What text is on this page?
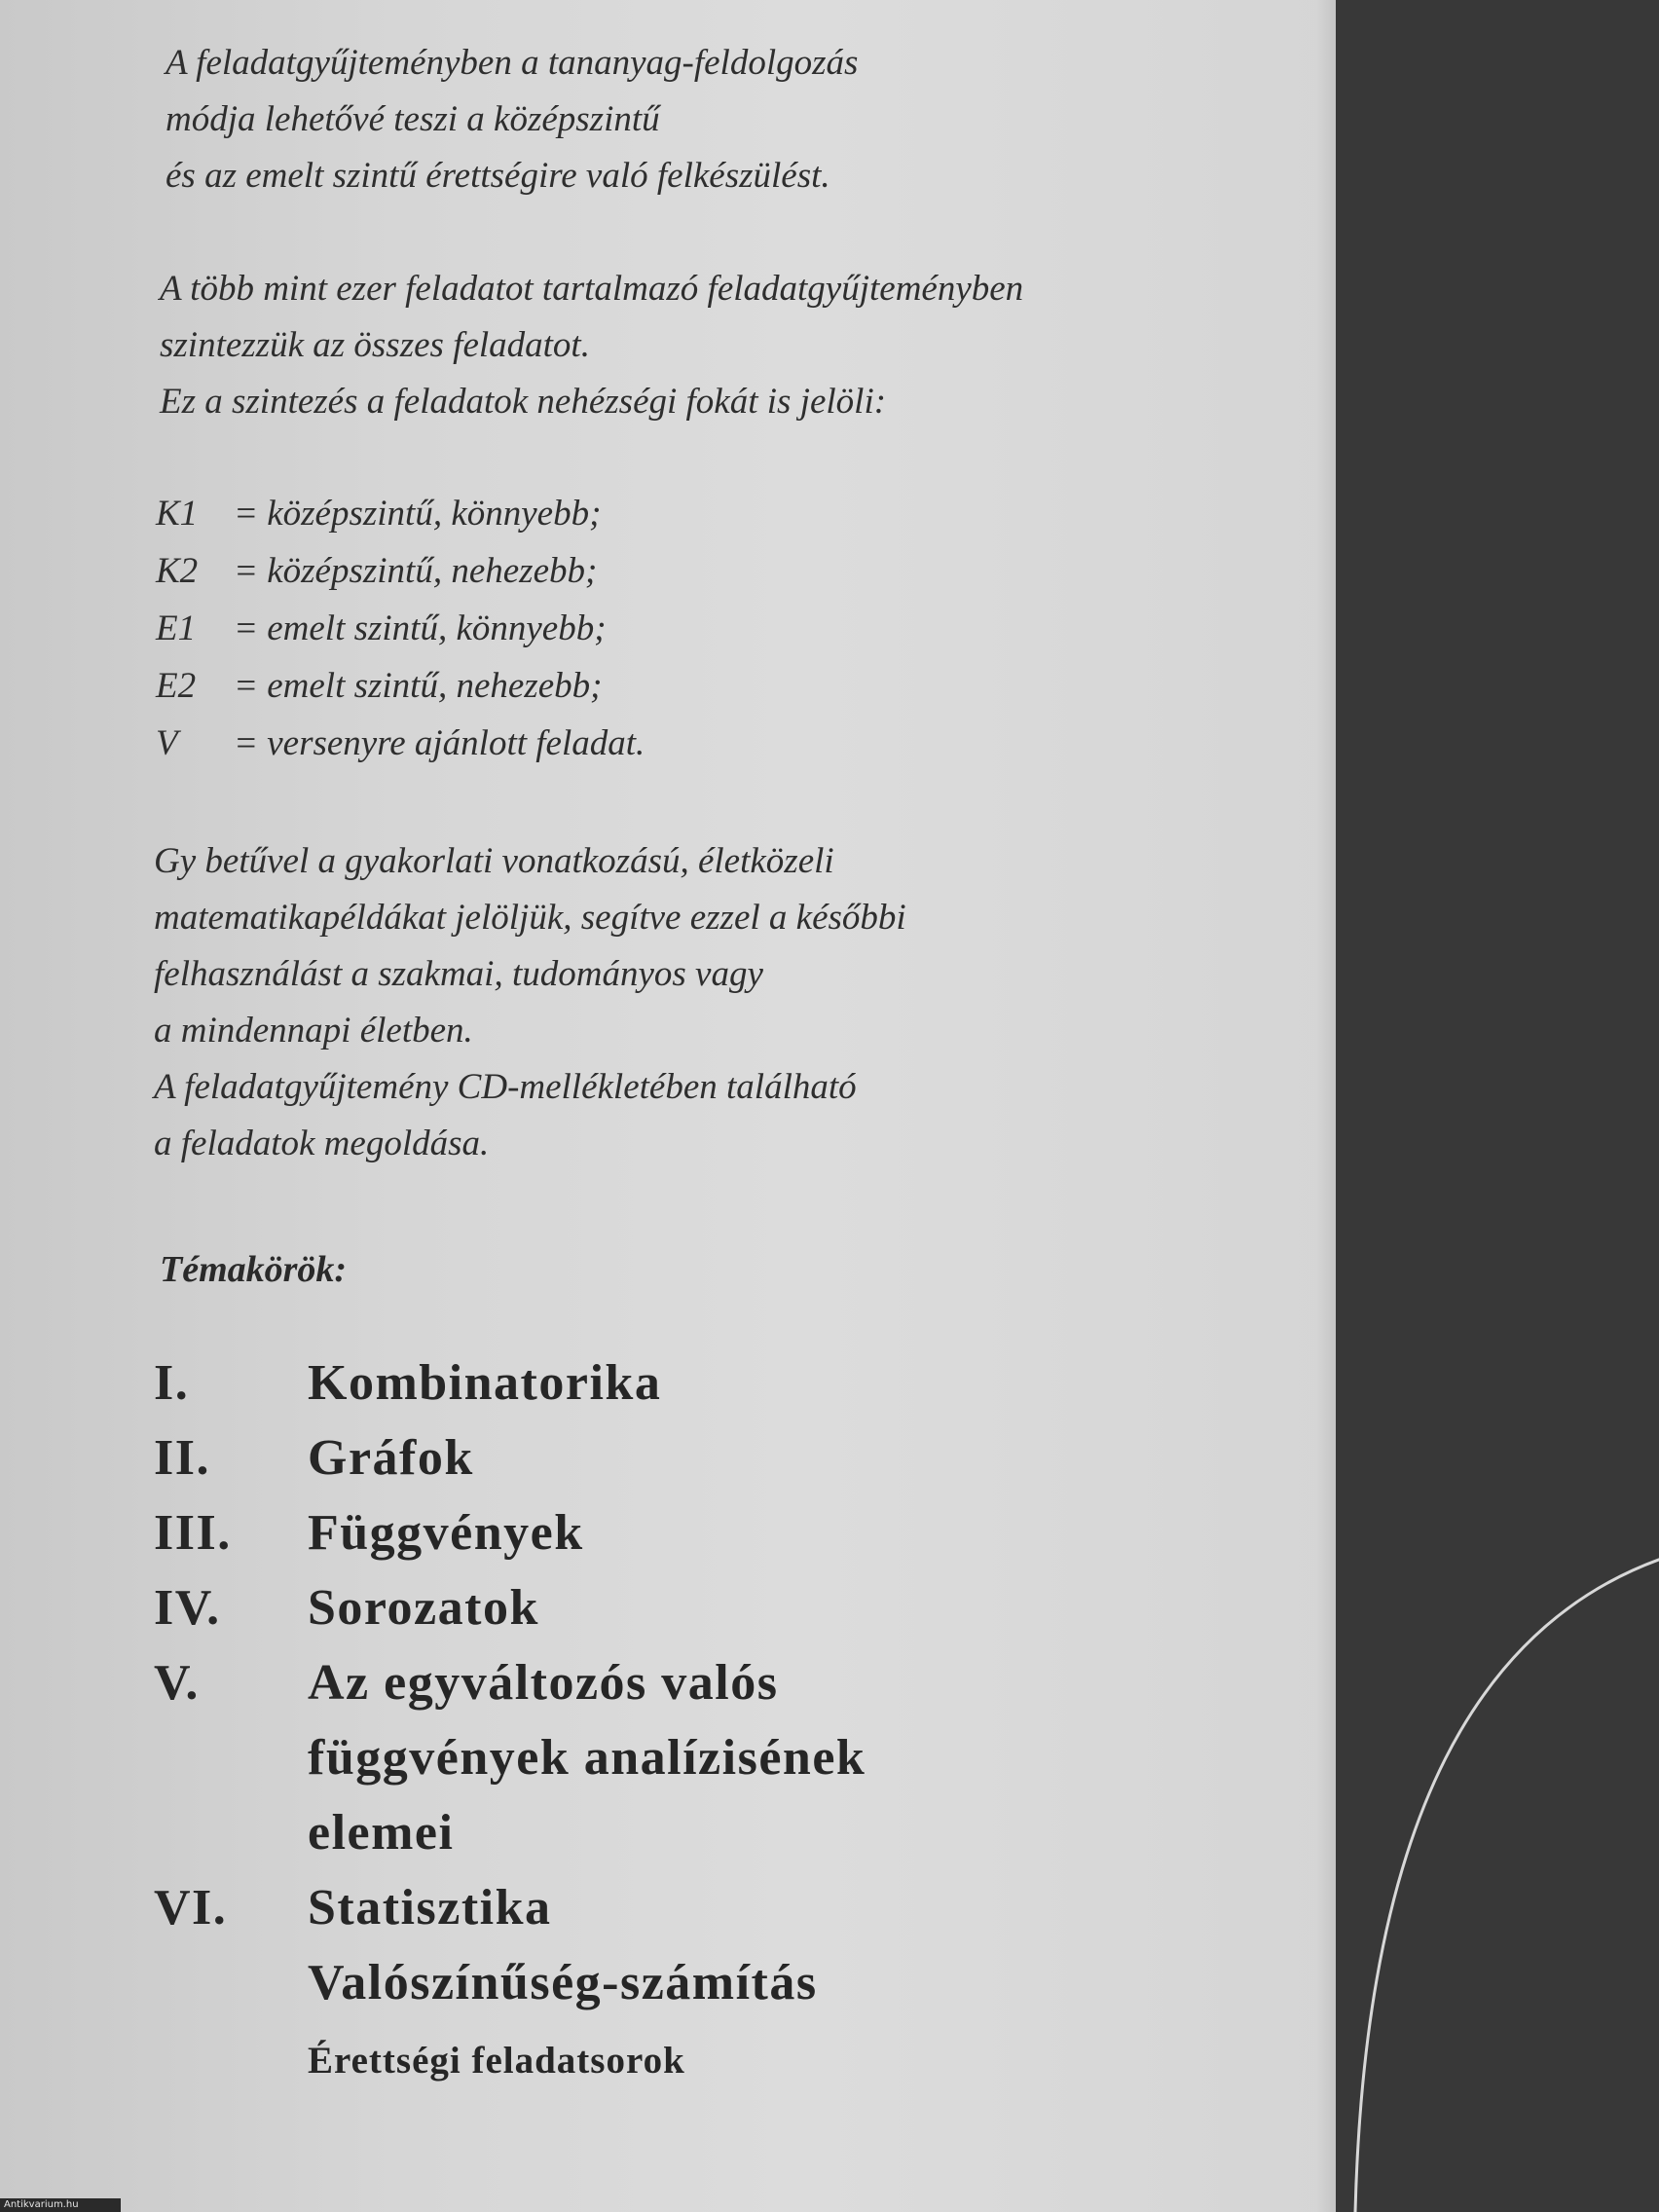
A feladatgyűjteményben a tananyag-feldolgozás
módja lehetővé teszi a középszintű
és az emelt szintű érettségire való felkészülést.

A több mint ezer feladatot tartalmazó feladatgyűjteményben
szintezzük az összes feladatot.
Ez a szintezés a feladatok nehézségi fokát is jelöli:

K1 = középszintű, könnyebb;
K2 = középszintű, nehezebb;
E1	= emelt szintű, könnyebb;
E2	= emelt szintű, nehezebb;
V	= versenyre ajánlott feladat.

Gy betűvel a gyakorlati vonatkozású, életközeli
matematikapéldákat jelöljük, segítve ezzel a későbbi
felhasználást a szakmai, tudományos vagy
a mindennapi életben.
A feladatgyűjtemény CD-mellékletében található
a feladatok megoldása.

Témakörök:
I.	Kombinatorika
II.	Gráfok
III.	Függvények
IV.	Sorozatok
V.	Az egyváltozós valós
függvények analízisének
elemei
VI.	Statisztika
Valószínűség-számítás
Érettségi feladatsorok
Antikvarium.hu
